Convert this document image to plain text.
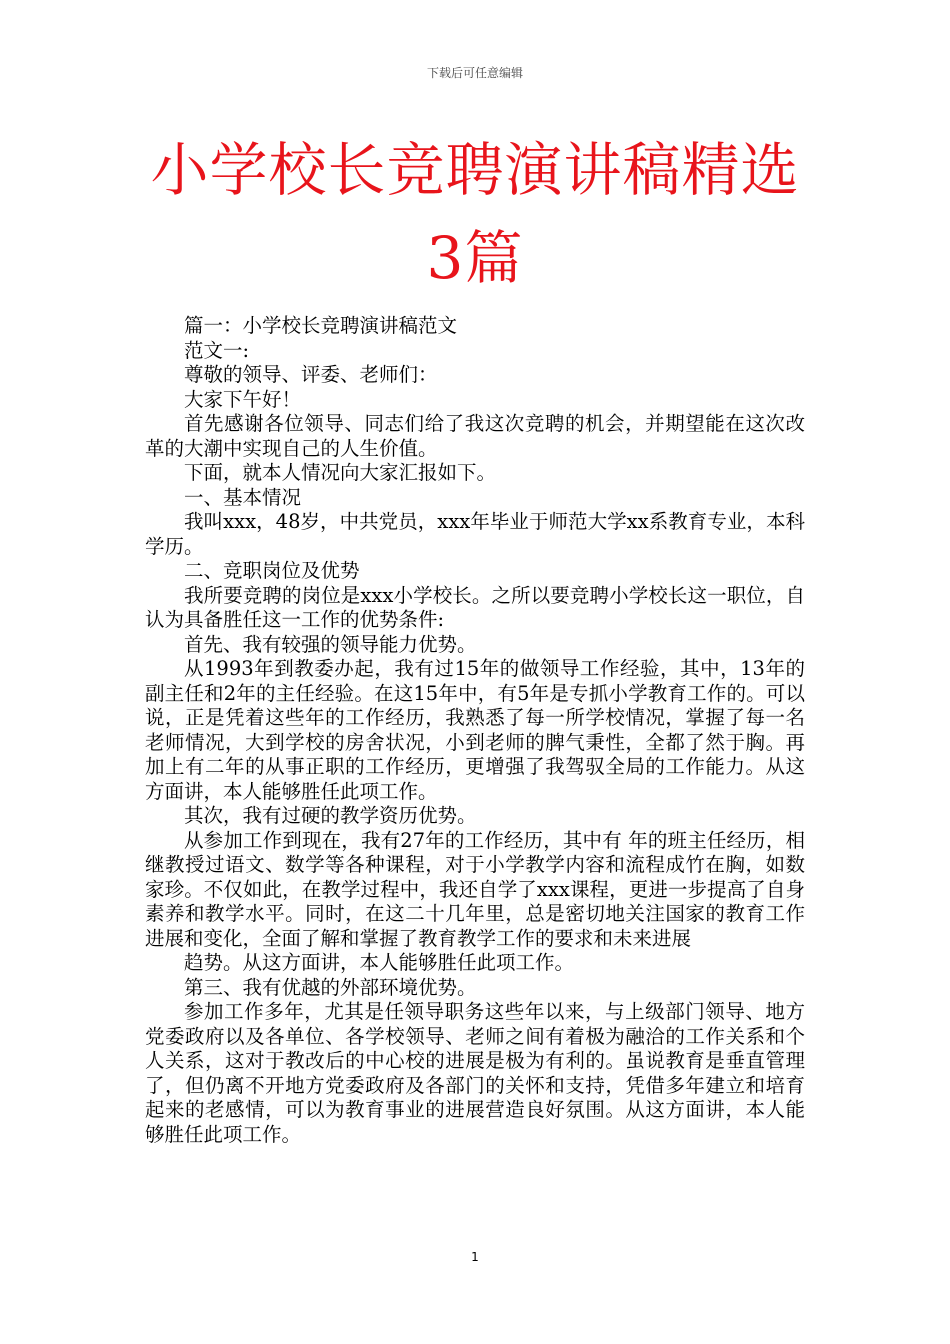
下载后可任意编辑
小学校长竞聘演讲稿精选
3篇

篇一：小学校长竞聘演讲稿范文

范文一:

尊敬的领导、评委、老师们：

大家下午好！

首先感谢各位领导、同志们给了我这次竞聘的机会，并期望能在这次改革的大潮中实现自己的人生价值。

下面，就本人情况向大家汇报如下。

一、基本情况

我叫xxx，48岁，中共党员，xxx年毕业于师范大学xx系教育专业，本科学历。

二、竞职岗位及优势

我所要竞聘的岗位是xxx小学校长。之所以要竞聘小学校长这一职位，自认为具备胜任这一工作的优势条件:

首先、我有较强的领导能力优势。

从1993年到教委办起，我有过15年的做领导工作经验，其中，13年的副主任和2年的主任经验。在这15年中，有5年是专抓小学教育工作的。可以说，正是凭着这些年的工作经历，我熟悉了每一所学校情况，掌握了每一名老师情况，大到学校的房舍状况，小到老师的脾气秉性，全都了然于胸。再加上有二年的从事正职的工作经历，更增强了我驾驭全局的工作能力。从这方面讲，本人能够胜任此项工作。

其次，我有过硬的教学资历优势。

从参加工作到现在，我有27年的工作经历，其中有 年的班主任经历，相继教授过语文、数学等各种课程，对于小学教学内容和流程成竹在胸，如数家珍。不仅如此，在教学过程中，我还自学了xxx课程，更进一步提高了自身素养和教学水平。同时，在这二十几年里，总是密切地关注国家的教育工作进展和变化，全面了解和掌握了教育教学工作的要求和未来进展

趋势。从这方面讲，本人能够胜任此项工作。

第三、我有优越的外部环境优势。

参加工作多年，尤其是任领导职务这些年以来，与上级部门领导、地方党委政府以及各单位、各学校领导、老师之间有着极为融洽的工作关系和个人关系，这对于教改后的中心校的进展是极为有利的。虽说教育是垂直管理了，但仍离不开地方党委政府及各部门的关怀和支持，凭借多年建立和培育起来的老感情，可以为教育事业的进展营造良好氛围。从这方面讲，本人能够胜任此项工作。

1
